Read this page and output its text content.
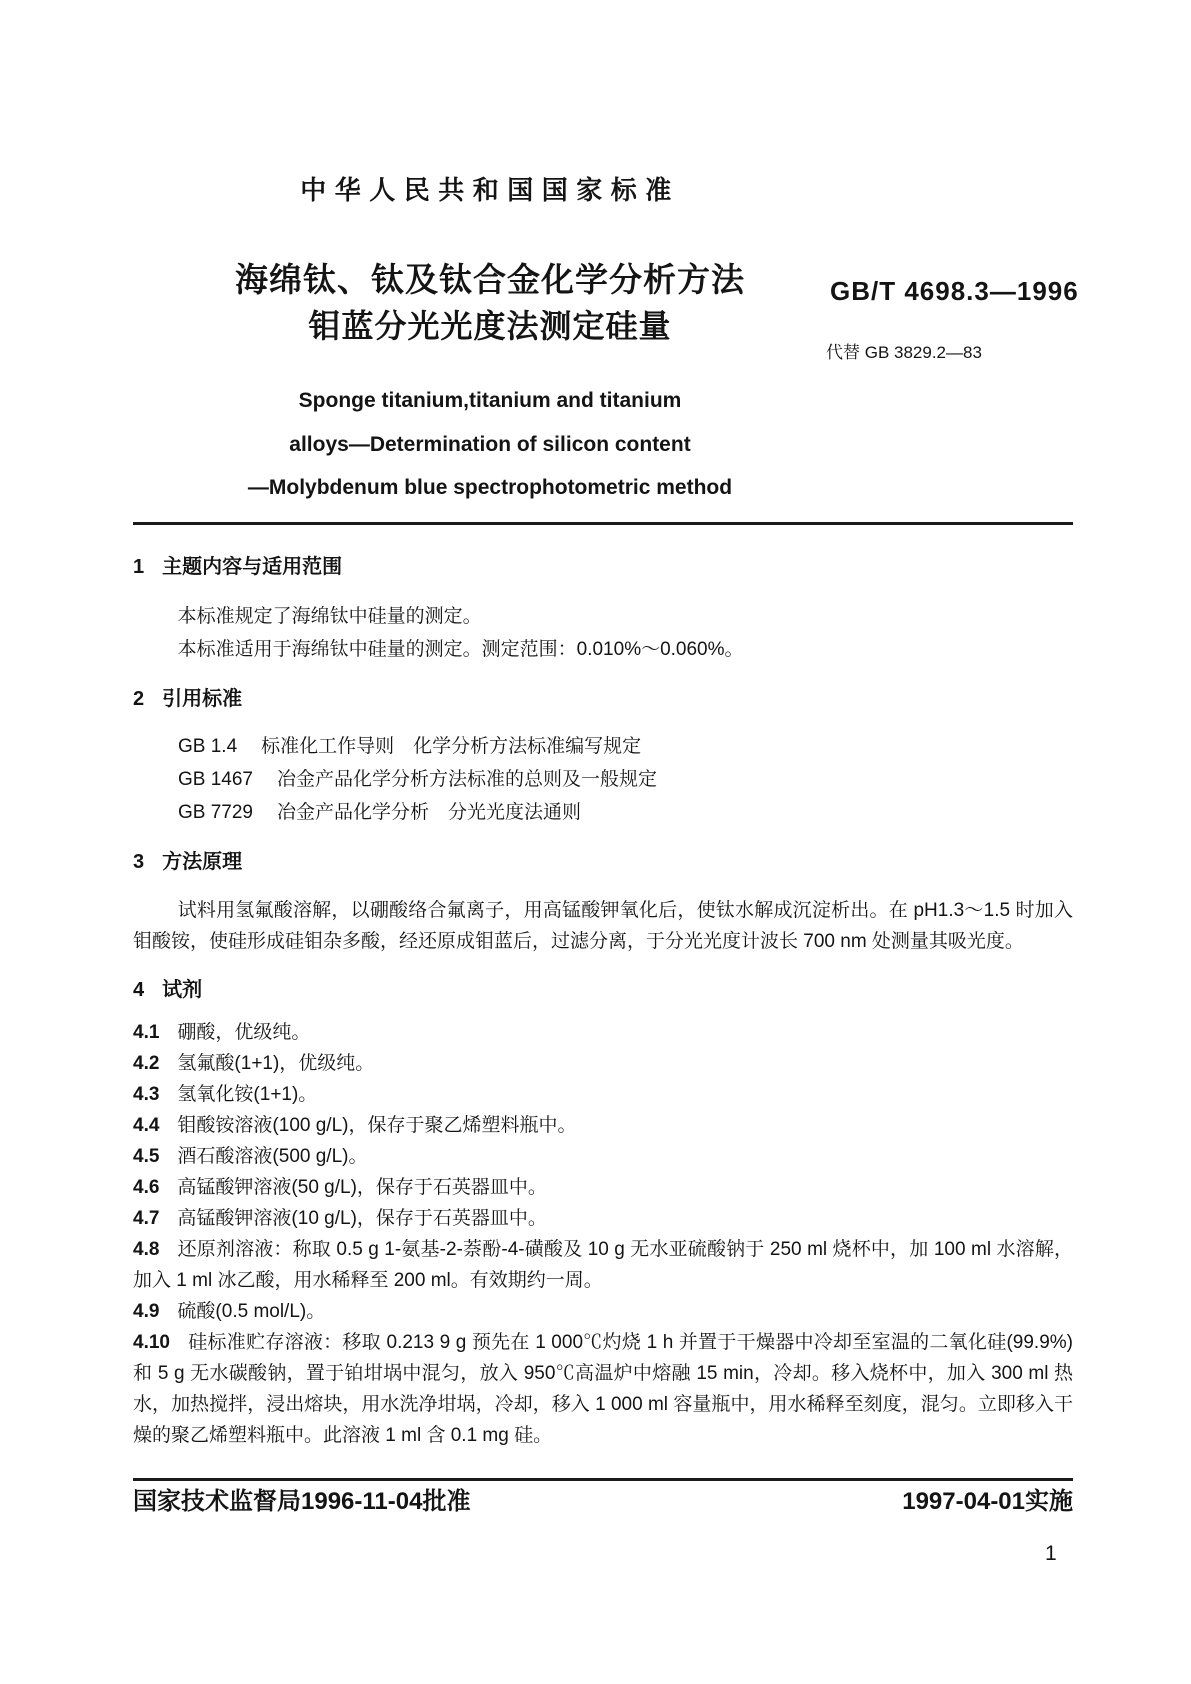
中华人民共和国国家标准
海绵钛、钛及钛合金化学分析方法
钼蓝分光光度法测定硅量
GB/T 4698.3—1996
代替 GB 3829.2—83
Sponge titanium,titanium and titanium
alloys—Determination of silicon content
—Molybdenum blue spectrophotometric method
1 主题内容与适用范围

本标准规定了海绵钛中硅量的测定。

本标准适用于海绵钛中硅量的测定。测定范围：0.010%～0.060%。

2 引用标准

GB 1.4 标准化工作导则　化学分析方法标准编写规定

GB 1467 冶金产品化学分析方法标准的总则及一般规定

GB 7729 冶金产品化学分析　分光光度法通则

3 方法原理

试料用氢氟酸溶解，以硼酸络合氟离子，用高锰酸钾氧化后，使钛水解成沉淀析出。在 pH1.3～1.5 时加入钼酸铵，使硅形成硅钼杂多酸，经还原成钼蓝后，过滤分离，于分光光度计波长 700 nm 处测量其吸光度。

4 试剂

4.1 硼酸，优级纯。

4.2 氢氟酸(1+1)，优级纯。

4.3 氢氧化铵(1+1)。

4.4 钼酸铵溶液(100 g/L)，保存于聚乙烯塑料瓶中。

4.5 酒石酸溶液(500 g/L)。

4.6 高锰酸钾溶液(50 g/L)，保存于石英器皿中。

4.7 高锰酸钾溶液(10 g/L)，保存于石英器皿中。

4.8 还原剂溶液：称取 0.5 g 1-氨基-2-萘酚-4-磺酸及 10 g 无水亚硫酸钠于 250 ml 烧杯中，加 100 ml 水溶解，加入 1 ml 冰乙酸，用水稀释至 200 ml。有效期约一周。

4.9 硫酸(0.5 mol/L)。

4.10 硅标准贮存溶液：移取 0.213 9 g 预先在 1 000℃灼烧 1 h 并置于干燥器中冷却至室温的二氧化硅(99.9%)和 5 g 无水碳酸钠，置于铂坩埚中混匀，放入 950℃高温炉中熔融 15 min，冷却。移入烧杯中，加入 300 ml 热水，加热搅拌，浸出熔块，用水洗净坩埚，冷却，移入 1 000 ml 容量瓶中，用水稀释至刻度，混匀。立即移入干燥的聚乙烯塑料瓶中。此溶液 1 ml 含 0.1 mg 硅。

国家技术监督局1996-11-04批准	1997-04-01实施
1
